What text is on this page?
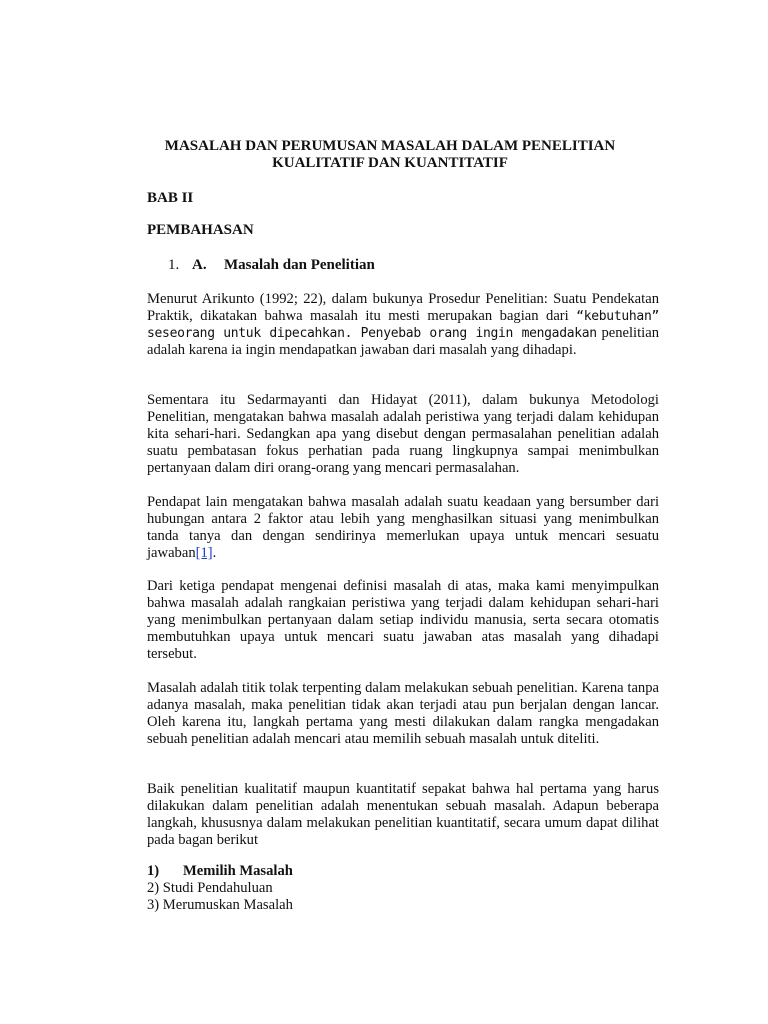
MASALAH DAN PERUMUSAN MASALAH DALAM PENELITIAN
KUALITATIF DAN KUANTITATIF
BAB II
PEMBAHASAN
1. A. Masalah dan Penelitian

Menurut Arikunto (1992; 22), dalam bukunya Prosedur Penelitian: Suatu Pendekatan Praktik, dikatakan bahwa masalah itu mesti merupakan bagian dari “kebutuhan” seseorang untuk dipecahkan. Penyebab orang ingin mengadakan penelitian adalah karena ia ingin mendapatkan jawaban dari masalah yang dihadapi.

Sementara itu Sedarmayanti dan Hidayat (2011), dalam bukunya Metodologi Penelitian, mengatakan bahwa masalah adalah peristiwa yang terjadi dalam kehidupan kita sehari-hari. Sedangkan apa yang disebut dengan permasalahan penelitian adalah suatu pembatasan fokus perhatian pada ruang lingkupnya sampai menimbulkan pertanyaan dalam diri orang-orang yang mencari permasalahan.

Pendapat lain mengatakan bahwa masalah adalah suatu keadaan yang bersumber dari hubungan antara 2 faktor atau lebih yang menghasilkan situasi yang menimbulkan tanda tanya dan dengan sendirinya memerlukan upaya untuk mencari sesuatu jawaban[1].

Dari ketiga pendapat mengenai definisi masalah di atas, maka kami menyimpulkan bahwa masalah adalah rangkaian peristiwa yang terjadi dalam kehidupan sehari-hari yang menimbulkan pertanyaan dalam setiap individu manusia, serta secara otomatis membutuhkan upaya untuk mencari suatu jawaban atas masalah yang dihadapi tersebut.

Masalah adalah titik tolak terpenting dalam melakukan sebuah penelitian. Karena tanpa adanya masalah, maka penelitian tidak akan terjadi atau pun berjalan dengan lancar. Oleh karena itu, langkah pertama yang mesti dilakukan dalam rangka mengadakan sebuah penelitian adalah mencari atau memilih sebuah masalah untuk diteliti.

Baik penelitian kualitatif maupun kuantitatif sepakat bahwa hal pertama yang harus dilakukan dalam penelitian adalah menentukan sebuah masalah. Adapun beberapa langkah, khususnya dalam melakukan penelitian kuantitatif, secara umum dapat dilihat pada bagan berikut

1) Memilih Masalah
2) Studi Pendahuluan
3) Merumuskan Masalah
